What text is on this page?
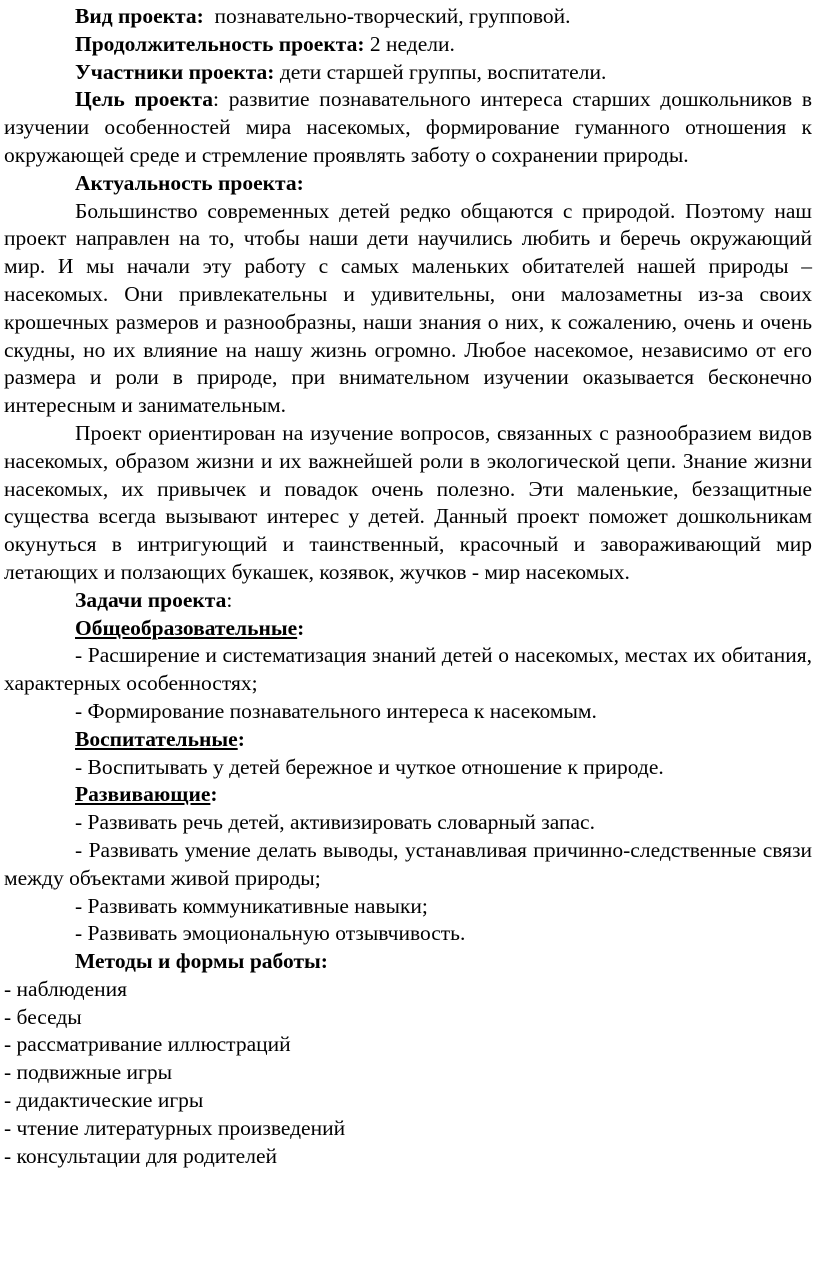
Вид проекта:  познавательно-творческий, групповой.

Продолжительность проекта: 2 недели.

Участники проекта: дети старшей группы, воспитатели.

Цель проекта: развитие познавательного интереса старших дошкольников в изучении особенностей мира насекомых, формирование гуманного отношения к окружающей среде и стремление проявлять заботу о сохранении природы.

Актуальность проекта:

Большинство современных детей редко общаются с природой. Поэтому наш проект направлен на то, чтобы наши дети научились любить и беречь окружающий мир. И мы начали эту работу с самых маленьких обитателей нашей природы – насекомых. Они привлекательны и удивительны, они малозаметны из-за своих крошечных размеров и разнообразны, наши знания о них, к сожалению, очень и очень скудны, но их влияние на нашу жизнь огромно. Любое насекомое, независимо от его размера и роли в природе, при внимательном изучении оказывается бесконечно интересным и занимательным.

Проект ориентирован на изучение вопросов, связанных с разнообразием видов насекомых, образом жизни и их важнейшей роли в экологической цепи. Знание жизни насекомых, их привычек и повадок очень полезно. Эти маленькие, беззащитные существа всегда вызывают интерес у детей. Данный проект поможет дошкольникам окунуться в интригующий и таинственный, красочный и завораживающий мир летающих и ползающих букашек, козявок, жучков - мир насекомых.

Задачи проекта:

Общеобразовательные:

- Расширение и систематизация знаний детей о насекомых, местах их обитания, характерных особенностях;

- Формирование познавательного интереса к насекомым.

Воспитательные:

- Воспитывать у детей бережное и чуткое отношение к природе.

Развивающие:

- Развивать речь детей, активизировать словарный запас.

- Развивать умение делать выводы, устанавливая причинно-следственные связи между объектами живой природы;

- Развивать коммуникативные навыки;

- Развивать эмоциональную отзывчивость.

Методы и формы работы:

- наблюдения

- беседы

- рассматривание иллюстраций

- подвижные игры

- дидактические игры

- чтение литературных произведений

- консультации для родителей
